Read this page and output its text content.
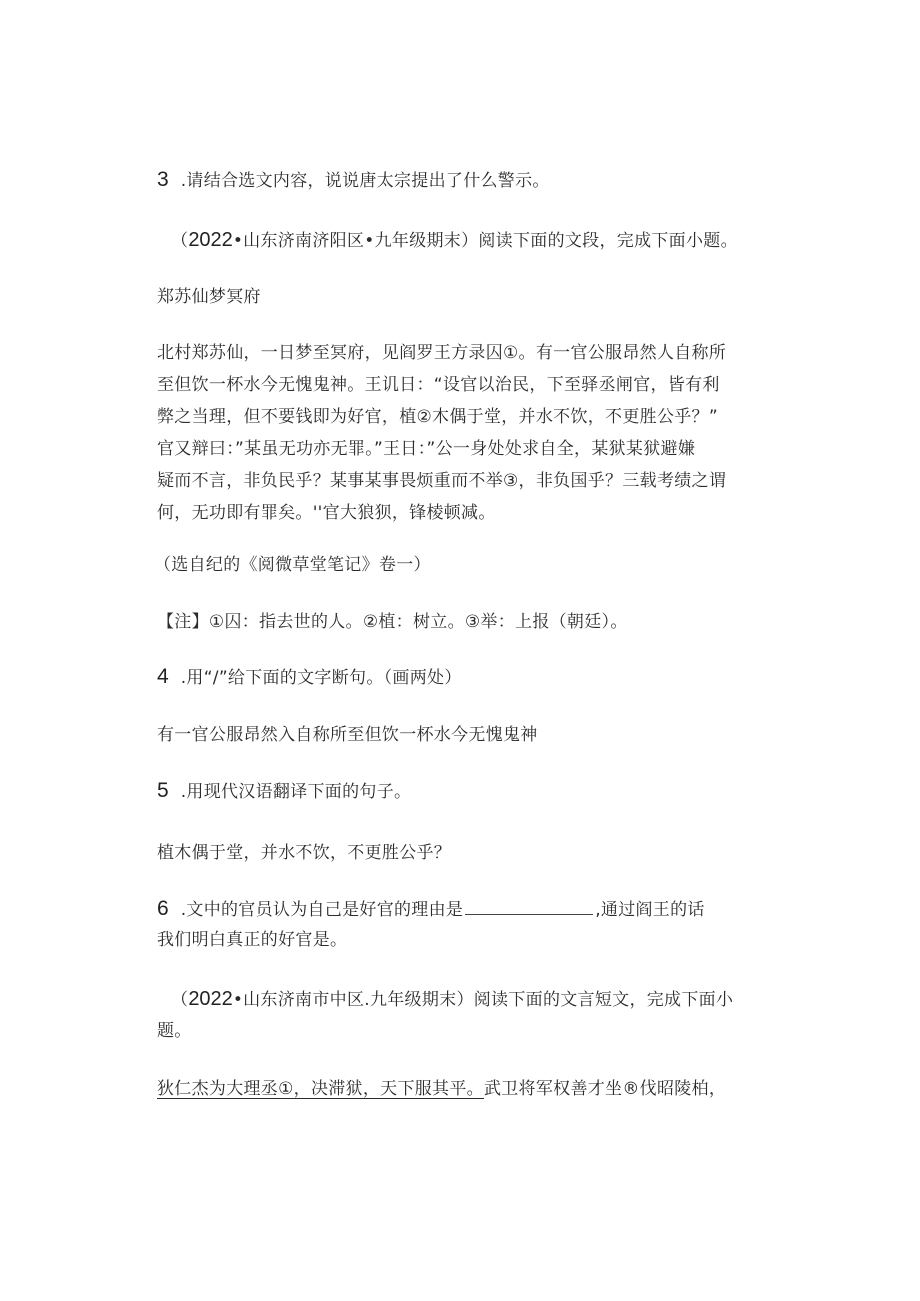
3 .请结合选文内容，说说唐太宗提出了什么警示。
（2022•山东济南济阳区•九年级期末）阅读下面的文段，完成下面小题。
郑苏仙梦冥府
北村郑苏仙，一日梦至冥府，见阎罗王方录囚①。有一官公服昂然人自称所
至但饮一杯水今无愧鬼神。王讥日：“设官以治民，下至驿丞闸官，皆有利
弊之当理，但不要钱即为好官，植②木偶于堂，并水不饮，不更胜公乎？”
官又辩曰：”某虽无功亦无罪。”王日：”公一身处处求自全，某狱某狱避嫌
疑而不言，非负民乎？某事某事畏烦重而不举③，非负国乎？三载考绩之谓
何，无功即有罪矣。''官大狼狈，锋棱顿减。
（选自纪的《阅微草堂笔记》卷一）
【注】①囚：指去世的人。②植：树立。③举：上报（朝廷）。
4 .用“/”给下面的文字断句。（画两处）
有一官公服昂然入自称所至但饮一杯水今无愧鬼神
5 .用现代汉语翻译下面的句子。
植木偶于堂，并水不饮，不更胜公乎？
6 .文中的官员认为自己是好官的理由是	,通过阎王的话
我们明白真正的好官是。
（2022•山东济南市中区.九年级期末）阅读下面的文言短文，完成下面小
题。
狄仁杰为大理丞①，决滞狱，天下服其平。武卫将军权善才坐®伐昭陵柏，
